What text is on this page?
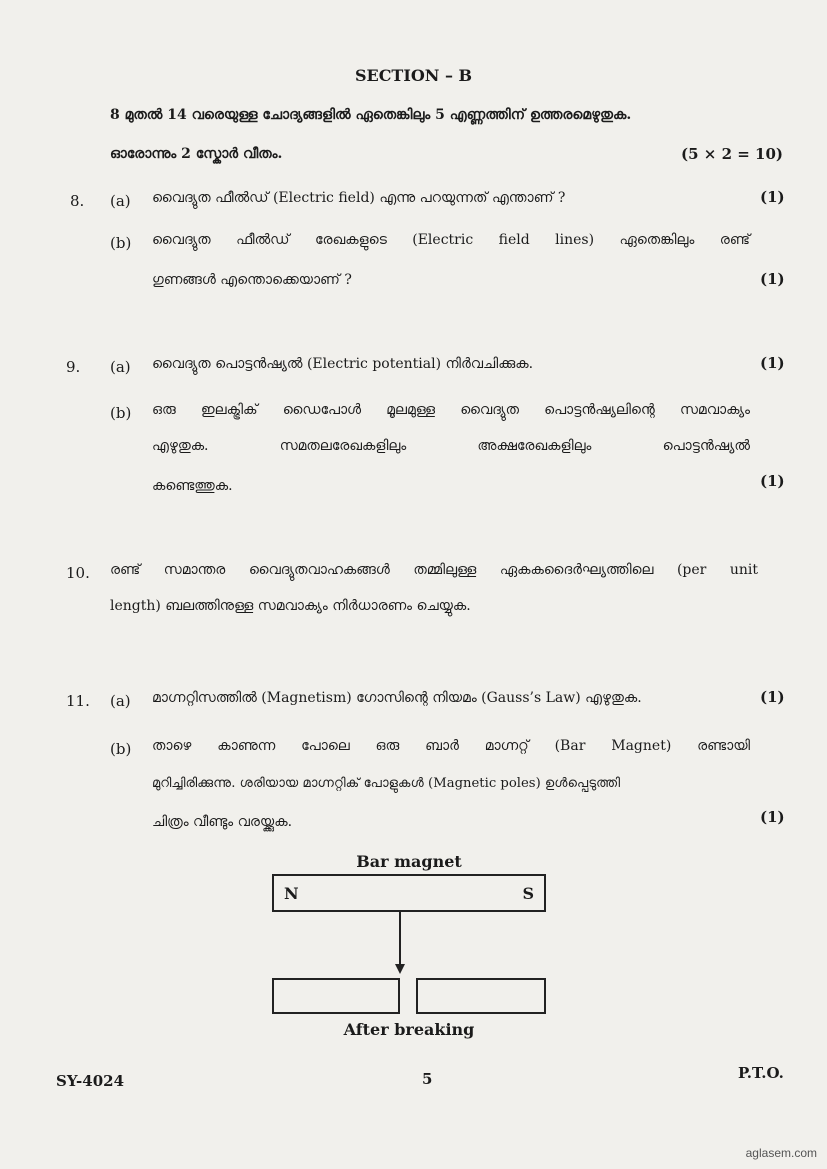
SECTION – B
8 മുതൽ 14 വരെയുള്ള ചോദ്യങ്ങളിൽ ഏതെങ്കിലും 5 എണ്ണത്തിന് ഉത്തരമെഴുതുക.
ഓരോന്നും 2 സ്കോർ വീതം.	(5 × 2 = 10)
8. (a) വൈദ്യുത ഫീൽഡ് (Electric field) എന്നു പറയുന്നത് എന്താണ് ?	(1)
(b) വൈദ്യുത ഫീൽഡ് രേഖകളുടെ (Electric field lines) ഏതെങ്കിലും രണ്ട്
ഗുണങ്ങൾ എന്തൊക്കെയാണ് ?	(1)
9. (a) വൈദ്യുത പൊട്ടൻഷ്യൽ (Electric potential) നിർവചിക്കുക.	(1)
(b) ഒരു ഇലക്ട്രിക് ഡൈപോൾ മൂലമുള്ള വൈദ്യുത പൊട്ടൻഷ്യലിന്റെ സമവാക്യം
എഴുതുക. സമതലരേഖകളിലും അക്ഷരേഖകളിലും പൊട്ടൻഷ്യൽ
കണ്ടെത്തുക.	(1)
10. രണ്ട് സമാന്തര വൈദ്യുതവാഹകങ്ങൾ തമ്മിലുള്ള ഏകകദൈർഘ്യത്തിലെ (per unit
length) ബലത്തിനുള്ള സമവാക്യം നിർധാരണം ചെയ്യുക.
11. (a) മാഗ്നറ്റിസത്തിൽ (Magnetism) ഗോസിന്റെ നിയമം (Gauss’s Law) എഴുതുക.	(1)
(b) താഴെ കാണുന്ന പോലെ ഒരു ബാർ മാഗ്നറ്റ് (Bar Magnet) രണ്ടായി
മുറിച്ചിരിക്കുന്നു. ശരിയായ മാഗ്നറ്റിക് പോളുകൾ (Magnetic poles) ഉൾപ്പെടുത്തി
ചിത്രം വീണ്ടും വരയ്ക്കുക.	(1)
Bar magnet
N	S
After breaking
SY-4024	5	P.T.O.
aglasem.com
